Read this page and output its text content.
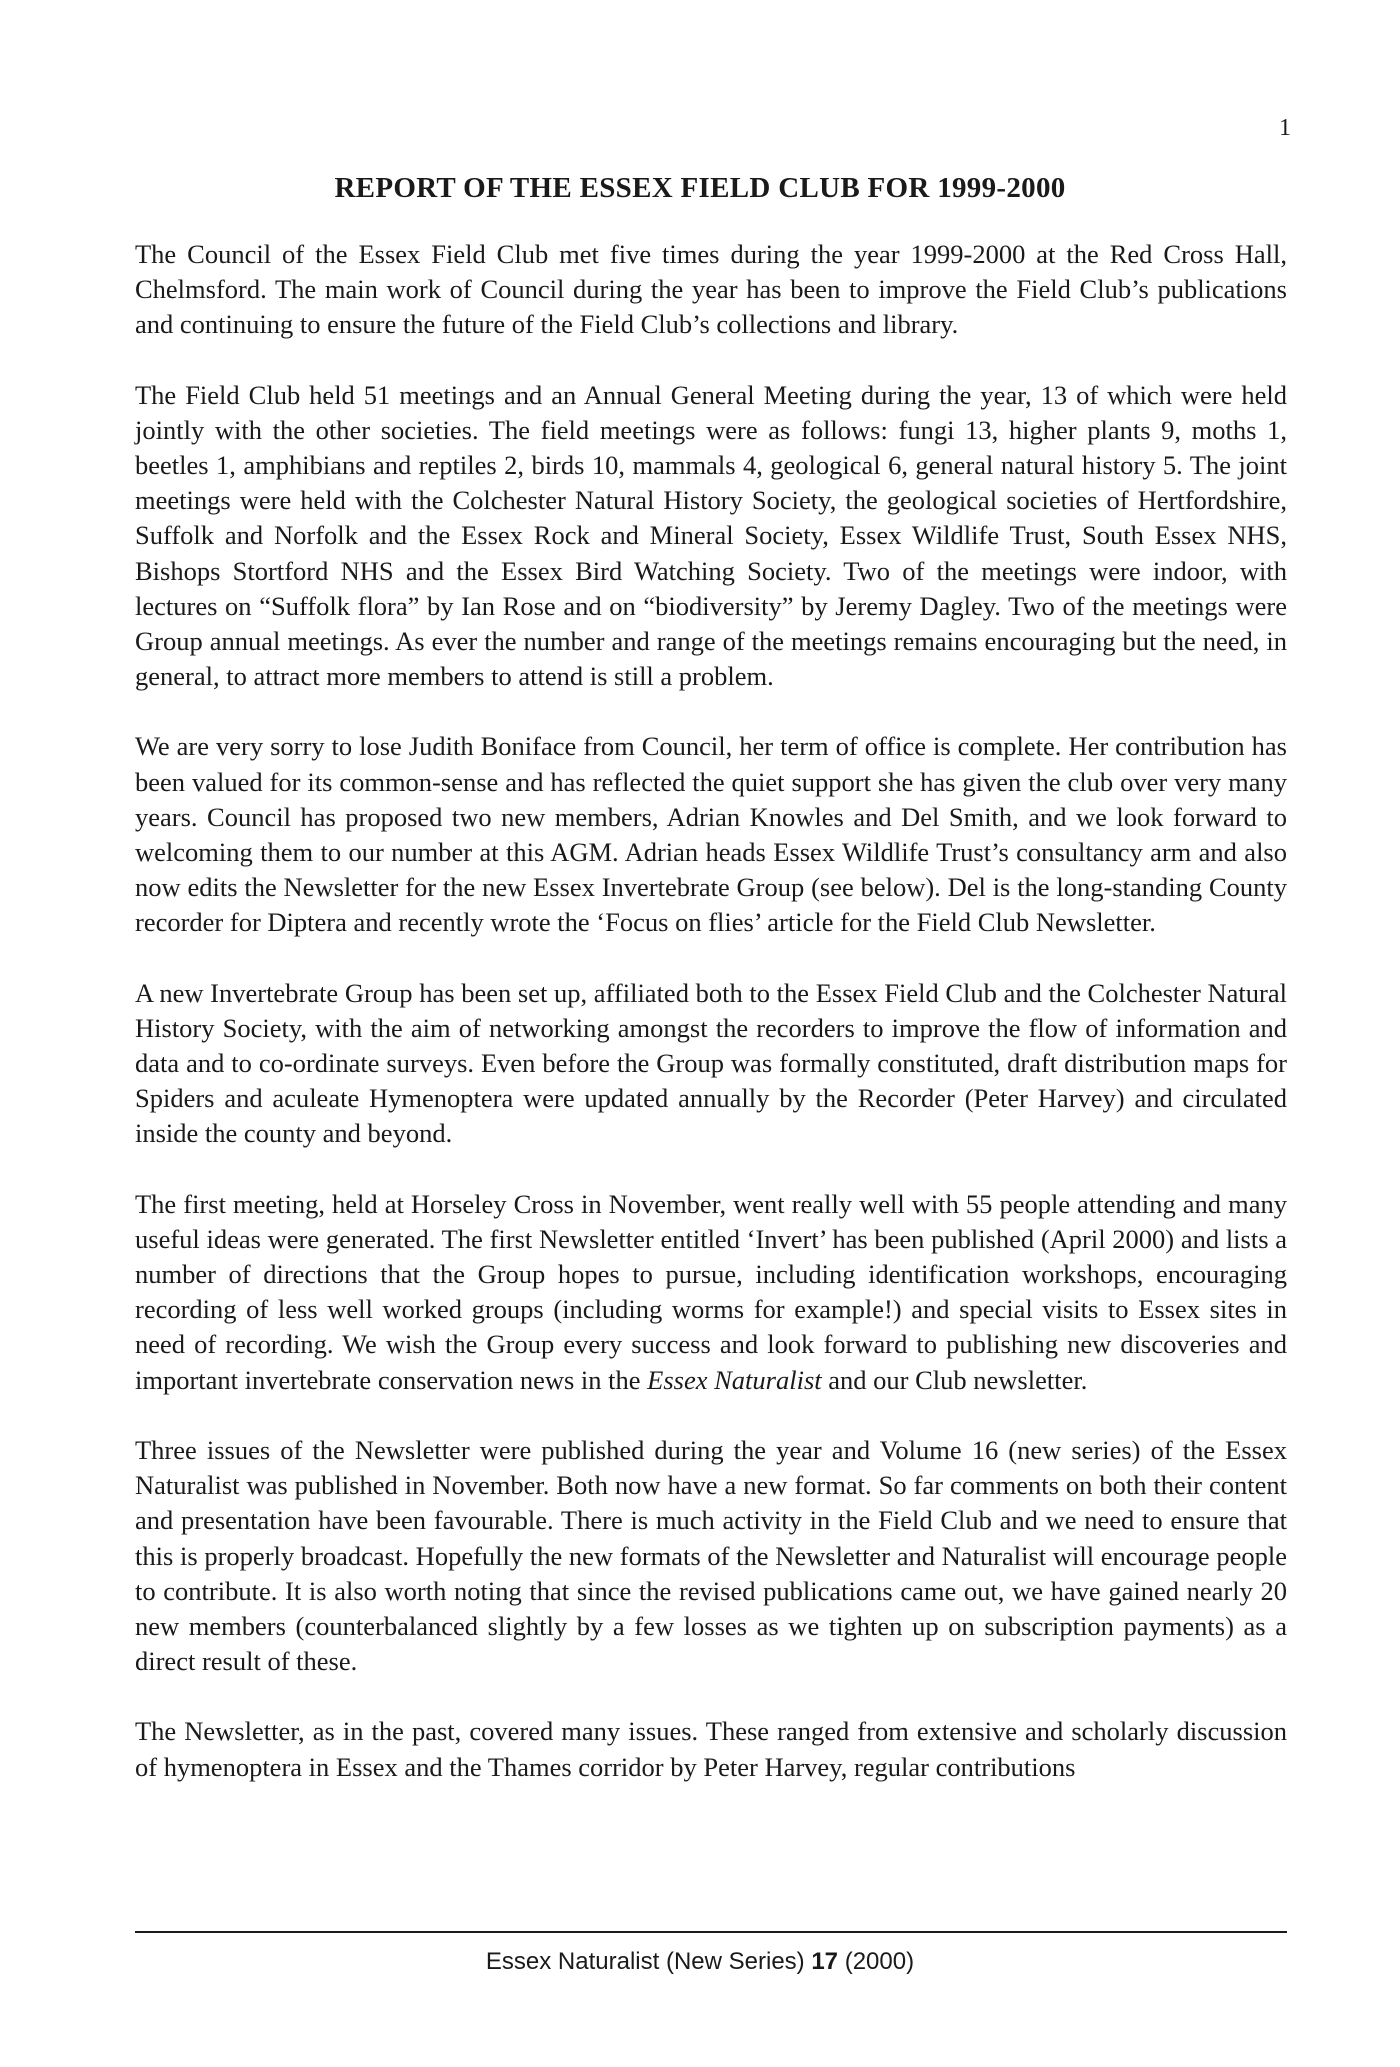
1
REPORT OF THE ESSEX FIELD CLUB FOR 1999-2000

The Council of the Essex Field Club met five times during the year 1999-2000 at the Red Cross Hall, Chelmsford. The main work of Council during the year has been to improve the Field Club’s publications and continuing to ensure the future of the Field Club’s collections and library.

The Field Club held 51 meetings and an Annual General Meeting during the year, 13 of which were held jointly with the other societies. The field meetings were as follows: fungi 13, higher plants 9, moths 1, beetles 1, amphibians and reptiles 2, birds 10, mammals 4, geological 6, general natural history 5. The joint meetings were held with the Colchester Natural History Society, the geological societies of Hertfordshire, Suffolk and Norfolk and the Essex Rock and Mineral Society, Essex Wildlife Trust, South Essex NHS, Bishops Stortford NHS and the Essex Bird Watching Society. Two of the meetings were indoor, with lectures on “Suffolk flora” by Ian Rose and on “biodiversity” by Jeremy Dagley. Two of the meetings were Group annual meetings. As ever the number and range of the meetings remains encouraging but the need, in general, to attract more members to attend is still a problem.

We are very sorry to lose Judith Boniface from Council, her term of office is complete. Her contribution has been valued for its common-sense and has reflected the quiet support she has given the club over very many years. Council has proposed two new members, Adrian Knowles and Del Smith, and we look forward to welcoming them to our number at this AGM. Adrian heads Essex Wildlife Trust’s consultancy arm and also now edits the Newsletter for the new Essex Invertebrate Group (see below). Del is the long-standing County recorder for Diptera and recently wrote the ‘Focus on flies’ article for the Field Club Newsletter.

A new Invertebrate Group has been set up, affiliated both to the Essex Field Club and the Colchester Natural History Society, with the aim of networking amongst the recorders to improve the flow of information and data and to co-ordinate surveys. Even before the Group was formally constituted, draft distribution maps for Spiders and aculeate Hymenoptera were updated annually by the Recorder (Peter Harvey) and circulated inside the county and beyond.

The first meeting, held at Horseley Cross in November, went really well with 55 people attending and many useful ideas were generated. The first Newsletter entitled ‘Invert’ has been published (April 2000) and lists a number of directions that the Group hopes to pursue, including identification workshops, encouraging recording of less well worked groups (including worms for example!) and special visits to Essex sites in need of recording. We wish the Group every success and look forward to publishing new discoveries and important invertebrate conservation news in the Essex Naturalist and our Club newsletter.

Three issues of the Newsletter were published during the year and Volume 16 (new series) of the Essex Naturalist was published in November. Both now have a new format. So far comments on both their content and presentation have been favourable. There is much activity in the Field Club and we need to ensure that this is properly broadcast. Hopefully the new formats of the Newsletter and Naturalist will encourage people to contribute. It is also worth noting that since the revised publications came out, we have gained nearly 20 new members (counterbalanced slightly by a few losses as we tighten up on subscription payments) as a direct result of these.

The Newsletter, as in the past, covered many issues. These ranged from extensive and scholarly discussion of hymenoptera in Essex and the Thames corridor by Peter Harvey, regular contributions

Essex Naturalist (New Series) 17 (2000)
